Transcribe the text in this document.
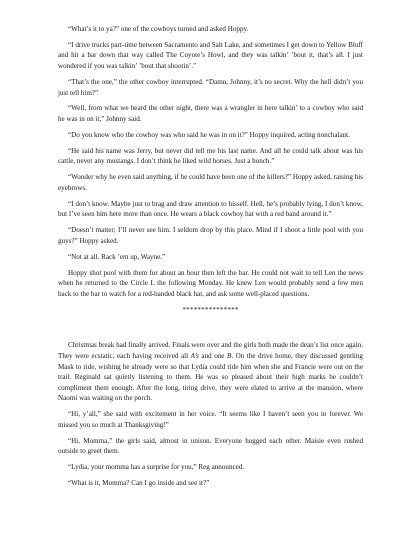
“What’s it to ya?” one of the cowboys turned and asked Hoppy.

“I drive trucks part-time between Sacramento and Salt Lake, and sometimes I get down to Yellow Bluff and hit a bar down that way called The Coyote’s Howl, and they was talkin’ ’bout it, that’s all. I just wondered if you was talkin’ ’bout that shootin’.”

“That’s the one,” the other cowboy interrupted. “Damn, Johnny, it’s no secret. Why the hell didn’t you just tell him?”

“Well, from what we heard the other night, there was a wrangler in here talkin’ to a cowboy who said he was in on it,” Johnny said.

“Do you know who the cowboy was who said he was in on it?” Hoppy inquired, acting nonchalant.

“He said his name was Jerry, but never did tell me his last name. And all he could talk about was his cattle, never any mustangs. I don’t think he liked wild horses. Just a hunch.”

“Wonder why he even said anything, if he could have been one of the killers?” Hoppy asked, raising his eyebrows.

“I don’t know. Maybe just to brag and draw attention to hisself. Hell, he’s probably lying, I don’t know, but I’ve seen him here more than once. He wears a black cowboy hat with a red band around it.”

“Doesn’t matter; I’ll never see him. I seldom drop by this place. Mind if I shoot a little pool with you guys?” Hoppy asked.

“Not at all. Rack ’em up, Wayne.”

Hoppy shot pool with them for about an hour then left the bar. He could not wait to tell Len the news when he returned to the Circle L the following Monday. He knew Len would probably send a few men back to the bar to watch for a red-banded black hat, and ask some well-placed questions.

***************

Christmas break had finally arrived. Finals were over and the girls both made the dean’s list once again. They were ecstatic, each having received all A’s and one B. On the drive home, they discussed gentling Mask to ride, wishing he already were so that Lydia could ride him when she and Francie were out on the trail. Reginald sat quietly listening to them. He was so pleased about their high marks he couldn’t compliment them enough. After the long, tiring drive, they were elated to arrive at the mansion, where Naomi was waiting on the porch.

“Hi, y’all,” she said with excitement in her voice. “It seems like I haven’t seen you in forever. We missed you so much at Thanksgiving!”

“Hi, Momma,” the girls said, almost in unison. Everyone hugged each other. Maisie even rushed outside to greet them.

“Lydia, your momma has a surprise for you,” Reg announced.

“What is it, Momma? Can I go inside and see it?”
